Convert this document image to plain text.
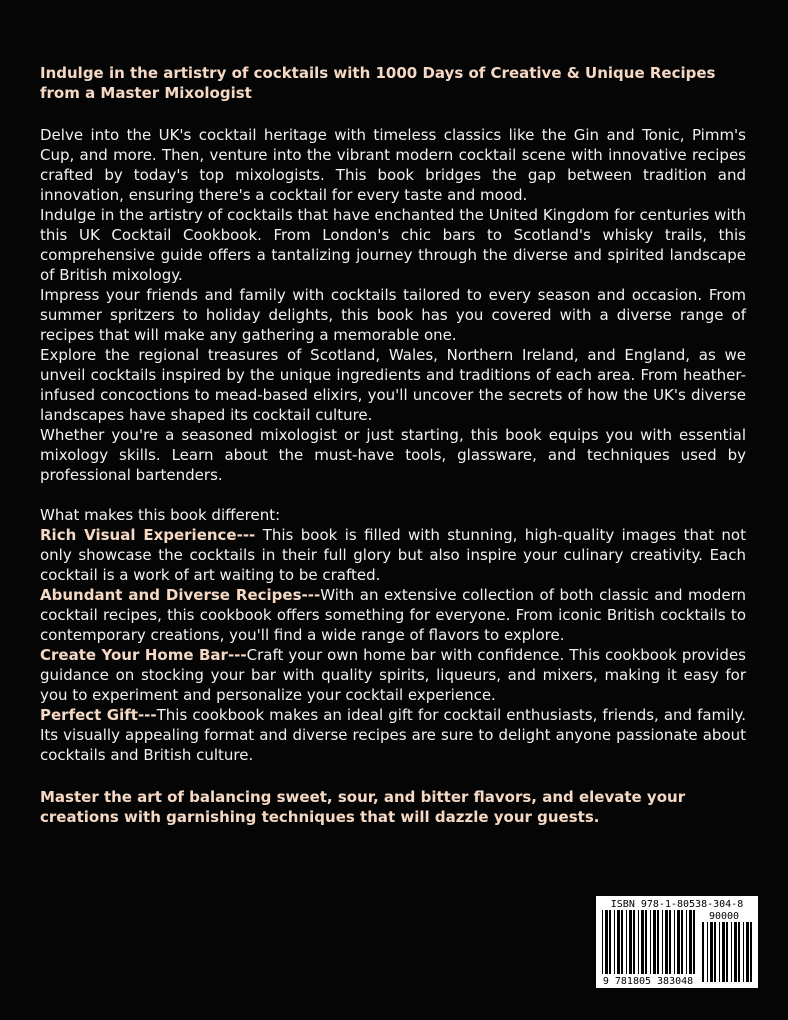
Indulge in the artistry of cocktails with 1000 Days of Creative & Unique Recipes from a Master Mixologist

Delve into the UK's cocktail heritage with timeless classics like the Gin and Tonic, Pimm's Cup, and more. Then, venture into the vibrant modern cocktail scene with innovative recipes crafted by today's top mixologists. This book bridges the gap between tradition and innovation, ensuring there's a cocktail for every taste and mood.

Indulge in the artistry of cocktails that have enchanted the United Kingdom for centuries with this UK Cocktail Cookbook. From London's chic bars to Scotland's whisky trails, this comprehensive guide offers a tantalizing journey through the diverse and spirited landscape of British mixology.

Impress your friends and family with cocktails tailored to every season and occasion. From summer spritzers to holiday delights, this book has you covered with a diverse range of recipes that will make any gathering a memorable one.

Explore the regional treasures of Scotland, Wales, Northern Ireland, and England, as we unveil cocktails inspired by the unique ingredients and traditions of each area. From heather-infused concoctions to mead-based elixirs, you'll uncover the secrets of how the UK's diverse landscapes have shaped its cocktail culture.

Whether you're a seasoned mixologist or just starting, this book equips you with essential mixology skills. Learn about the must-have tools, glassware, and techniques used by professional bartenders.

What makes this book different:

Rich Visual Experience--- This book is filled with stunning, high-quality images that not only showcase the cocktails in their full glory but also inspire your culinary creativity. Each cocktail is a work of art waiting to be crafted.

Abundant and Diverse Recipes---With an extensive collection of both classic and modern cocktail recipes, this cookbook offers something for everyone. From iconic British cocktails to contemporary creations, you'll find a wide range of flavors to explore.

Create Your Home Bar---Craft your own home bar with confidence. This cookbook provides guidance on stocking your bar with quality spirits, liqueurs, and mixers, making it easy for you to experiment and personalize your cocktail experience.

Perfect Gift---This cookbook makes an ideal gift for cocktail enthusiasts, friends, and family. Its visually appealing format and diverse recipes are sure to delight anyone passionate about cocktails and British culture.

Master the art of balancing sweet, sour, and bitter flavors, and elevate your creations with garnishing techniques that will dazzle your guests.

ISBN 978-1-80538-304-8
90000
9 781805 383048
